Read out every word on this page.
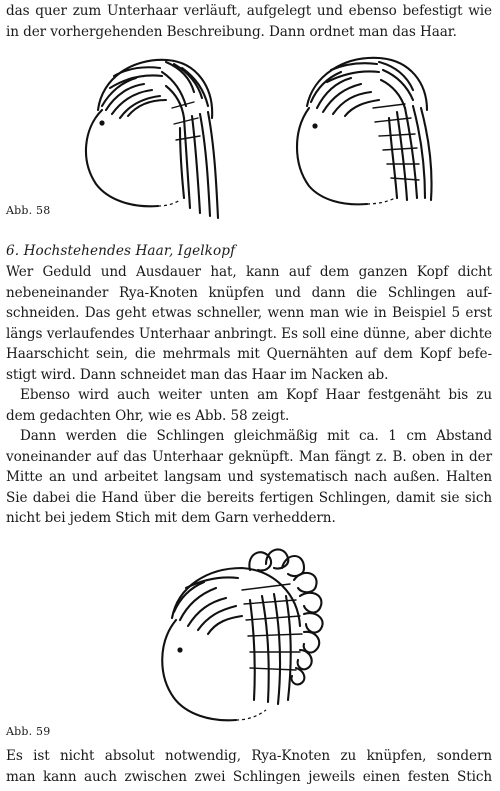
das quer zum Unterhaar verläuft, aufgelegt und ebenso befestigt wie
in der vorhergehenden Beschreibung. Dann ordnet man das Haar.
Abb. 58
6. Hochstehendes Haar, Igelkopf
Wer Geduld und Ausdauer hat, kann auf dem ganzen Kopf dicht
nebeneinander Rya-Knoten knüpfen und dann die Schlingen auf-
schneiden. Das geht etwas schneller, wenn man wie in Beispiel 5 erst
längs verlaufendes Unterhaar anbringt. Es soll eine dünne, aber dichte
Haarschicht sein, die mehrmals mit Quernähten auf dem Kopf befe-
stigt wird. Dann schneidet man das Haar im Nacken ab.
Ebenso wird auch weiter unten am Kopf Haar festgenäht bis zu
dem gedachten Ohr, wie es Abb. 58 zeigt.
Dann werden die Schlingen gleichmäßig mit ca. 1 cm Abstand
voneinander auf das Unterhaar geknüpft. Man fängt z. B. oben in der
Mitte an und arbeitet langsam und systematisch nach außen. Halten
Sie dabei die Hand über die bereits fertigen Schlingen, damit sie sich
nicht bei jedem Stich mit dem Garn verheddern.
Abb. 59
Es ist nicht absolut notwendig, Rya-Knoten zu knüpfen, sondern
man kann auch zwischen zwei Schlingen jeweils einen festen Stich
